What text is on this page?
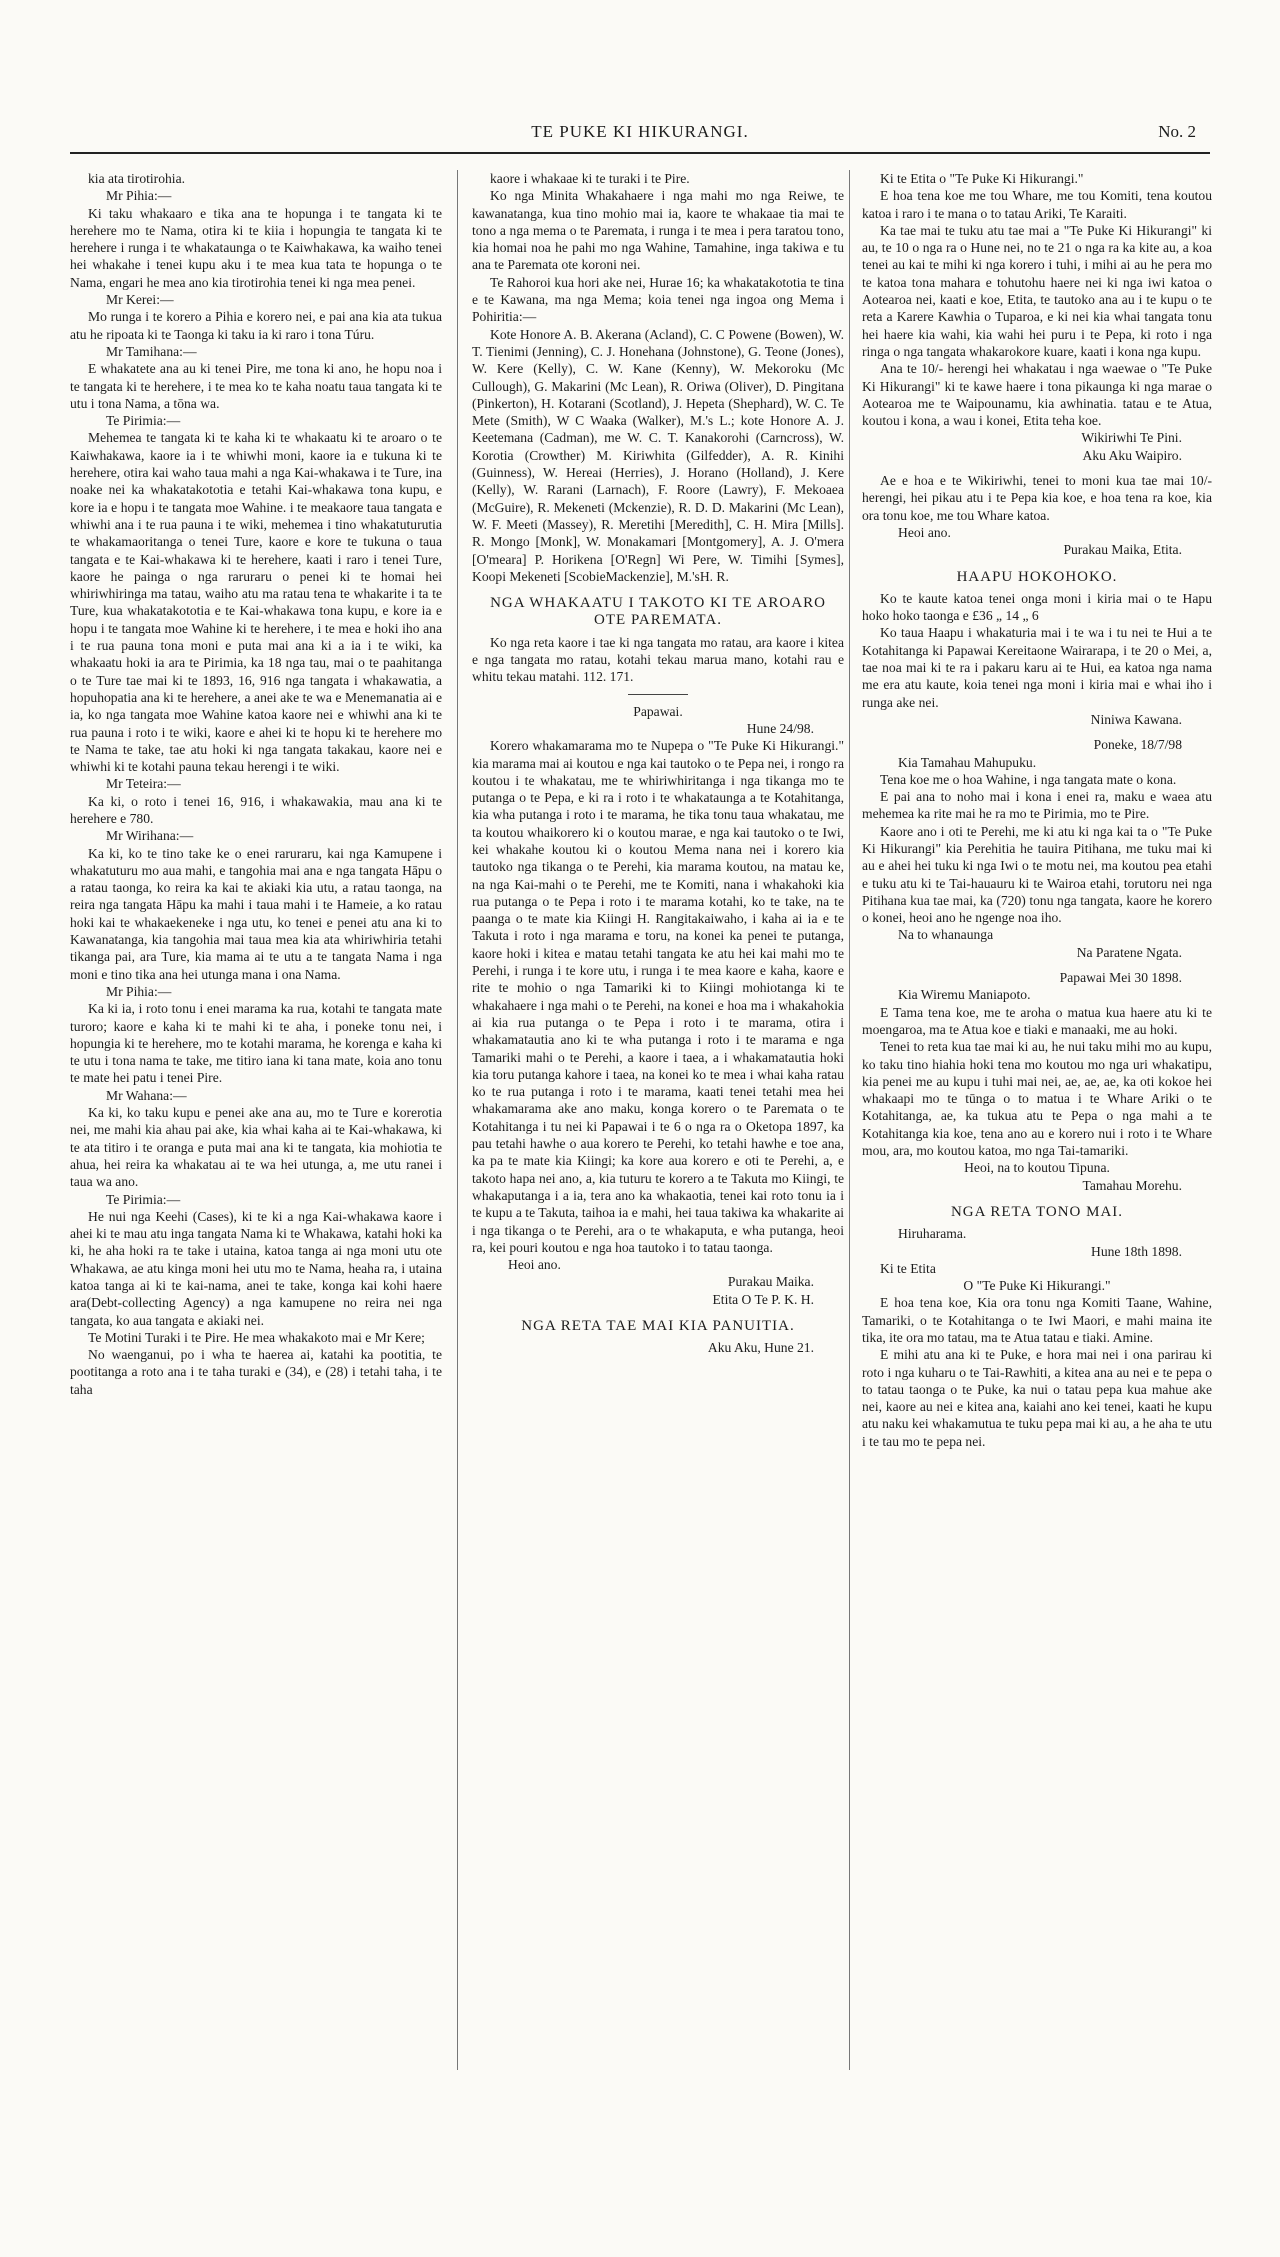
TE PUKE KI HIKURANGI.	No. 2

kia ata tirotirohia.

Mr Pihia:—

Ki taku whakaaro e tika ana te hopunga i te tangata ki te herehere mo te Nama, otira ki te kiia i hopungia te tangata ki te herehere i runga i te whakataunga o te Kaiwhakawa, ka waiho tenei hei whakahe i tenei kupu aku i te mea kua tata te hopunga o te Nama, engari he mea ano kia tirotirohia tenei ki nga mea penei.

Mr Kerei:—

Mo runga i te korero a Pihia e korero nei, e pai ana kia ata tukua atu he ripoata ki te Taonga ki taku ia ki raro i tona Túru.

Mr Tamihana:—

E whakatete ana au ki tenei Pire, me tona ki ano, he hopu noa i te tangata ki te herehere, i te mea ko te kaha noatu taua tangata ki te utu i tona Nama, a tōna wa.

Te Pirimia:—

Mehemea te tangata ki te kaha ki te whakaatu ki te aroaro o te Kaiwhakawa, kaore ia i te whiwhi moni, kaore ia e tukuna ki te herehere, otira kai waho taua mahi a nga Kai-whakawa i te Ture, ina noake nei ka whakatakototia e tetahi Kai-whakawa tona kupu, e kore ia e hopu i te tangata moe Wahine. i te meakaore taua tangata e whiwhi ana i te rua pauna i te wiki, mehemea i tino whakatuturutia te whakamaoritanga o tenei Ture, kaore e kore te tukuna o taua tangata e te Kai-whakawa ki te herehere, kaati i raro i tenei Ture, kaore he painga o nga raruraru o penei ki te homai hei whiriwhiringa ma tatau, waiho atu ma ratau tena te whakarite i ta te Ture, kua whakatakototia e te Kai-whakawa tona kupu, e kore ia e hopu i te tangata moe Wahine ki te herehere, i te mea e hoki iho ana i te rua pauna tona moni e puta mai ana ki a ia i te wiki, ka whakaatu hoki ia ara te Pirimia, ka 18 nga tau, mai o te paahitanga o te Ture tae mai ki te 1893, 16, 916 nga tangata i whakawatia, a hopuhopatia ana ki te herehere, a anei ake te wa e Menemanatia ai e ia, ko nga tangata moe Wahine katoa kaore nei e whiwhi ana ki te rua pauna i roto i te wiki, kaore e ahei ki te hopu ki te herehere mo te Nama te take, tae atu hoki ki nga tangata takakau, kaore nei e whiwhi ki te kotahi pauna tekau herengi i te wiki.

Mr Teteira:—

Ka ki, o roto i tenei 16, 916, i whakawakia, mau ana ki te herehere e 780.

Mr Wirihana:—

Ka ki, ko te tino take ke o enei raruraru, kai nga Kamupene i whakatuturu mo aua mahi, e tangohia mai ana e nga tangata Hāpu o a ratau taonga, ko reira ka kai te akiaki kia utu, a ratau taonga, na reira nga tangata Hāpu ka mahi i taua mahi i te Hameie, a ko ratau hoki kai te whakaekeneke i nga utu, ko tenei e penei atu ana ki to Kawanatanga, kia tangohia mai taua mea kia ata whiriwhiria tetahi tikanga pai, ara Ture, kia mama ai te utu a te tangata Nama i nga moni e tino tika ana hei utunga mana i ona Nama.

Mr Pihia:—

Ka ki ia, i roto tonu i enei marama ka rua, kotahi te tangata mate turoro; kaore e kaha ki te mahi ki te aha, i poneke tonu nei, i hopungia ki te herehere, mo te kotahi marama, he korenga e kaha ki te utu i tona nama te take, me titiro iana ki tana mate, koia ano tonu te mate hei patu i tenei Pire.

Mr Wahana:—

Ka ki, ko taku kupu e penei ake ana au, mo te Ture e korerotia nei, me mahi kia ahau pai ake, kia whai kaha ai te Kai-whakawa, ki te ata titiro i te oranga e puta mai ana ki te tangata, kia mohiotia te ahua, hei reira ka whakatau ai te wa hei utunga, a, me utu ranei i taua wa ano.

Te Pirimia:—

He nui nga Keehi (Cases), ki te ki a nga Kai-whakawa kaore i ahei ki te mau atu inga tangata Nama ki te Whakawa, katahi hoki ka ki, he aha hoki ra te take i utaina, katoa tanga ai nga moni utu ote Whakawa, ae atu kinga moni hei utu mo te Nama, heaha ra, i utaina katoa tanga ai ki te kai-nama, anei te take, konga kai kohi haere ara(Debt-collecting Agency) a nga kamupene no reira nei nga tangata, ko aua tangata e akiaki nei.

Te Motini Turaki i te Pire. He mea whakakoto mai e Mr Kere;

No waenganui, po i wha te haerea ai, katahi ka pootitia, te pootitanga a roto ana i te taha turaki e (34), e (28) i tetahi taha, i te taha

kaore i whakaae ki te turaki i te Pire.

Ko nga Minita Whakahaere i nga mahi mo nga Reiwe, te kawanatanga, kua tino mohio mai ia, kaore te whakaae tia mai te tono a nga mema o te Paremata, i runga i te mea i pera taratou tono, kia homai noa he pahi mo nga Wahine, Tamahine, inga takiwa e tu ana te Paremata ote koroni nei.

Te Rahoroi kua hori ake nei, Hurae 16; ka whakatakototia te tina e te Kawana, ma nga Mema; koia tenei nga ingoa ong Mema i Pohiritia:—

Kote Honore A. B. Akerana (Acland), C. C Powene (Bowen), W. T. Tienimi (Jenning), C. J. Honehana (Johnstone), G. Teone (Jones), W. Kere (Kelly), C. W. Kane (Kenny), W. Mekoroku (Mc Cullough), G. Makarini (Mc Lean), R. Oriwa (Oliver), D. Pingitana (Pinkerton), H. Kotarani (Scotland), J. Hepeta (Shephard), W. C. Te Mete (Smith), W C Waaka (Walker), M.'s L.; kote Honore A. J. Keetemana (Cadman), me W. C. T. Kanakorohi (Carncross), W. Korotia (Crowther) M. Kiriwhita (Gilfedder), A. R. Kinihi (Guinness), W. Hereai (Herries), J. Horano (Holland), J. Kere (Kelly), W. Rarani (Larnach), F. Roore (Lawry), F. Mekoaea (McGuire), R. Mekeneti (Mckenzie), R. D. D. Makarini (Mc Lean), W. F. Meeti (Massey), R. Meretihi [Meredith], C. H. Mira [Mills]. R. Mongo [Monk], W. Monakamari [Montgomery], A. J. O'mera [O'meara] P. Horikena [O'Regn] Wi Pere, W. Timihi [Symes], Koopi Mekeneti [ScobieMackenzie], M.'sH. R.

NGA WHAKAATU I TAKOTO KI TE AROARO OTE PAREMATA.

Ko nga reta kaore i tae ki nga tangata mo ratau, ara kaore i kitea e nga tangata mo ratau, kotahi tekau marua mano, kotahi rau e whitu tekau matahi. 112. 171.

Papawai.

Hune 24/98.

Korero whakamarama mo te Nupepa o "Te Puke Ki Hikurangi." kia marama mai ai koutou e nga kai tautoko o te Pepa nei, i rongo ra koutou i te whakatau, me te whiriwhiritanga i nga tikanga mo te putanga o te Pepa, e ki ra i roto i te whakataunga a te Kotahitanga, kia wha putanga i roto i te marama, he tika tonu taua whakatau, me ta koutou whaikorero ki o koutou marae, e nga kai tautoko o te Iwi, kei whakahe koutou ki o koutou Mema nana nei i korero kia tautoko nga tikanga o te Perehi, kia marama koutou, na matau ke, na nga Kai-mahi o te Perehi, me te Komiti, nana i whakahoki kia rua putanga o te Pepa i roto i te marama kotahi, ko te take, na te paanga o te mate kia Kiingi H. Rangitakaiwaho, i kaha ai ia e te Takuta i roto i nga marama e toru, na konei ka penei te putanga, kaore hoki i kitea e matau tetahi tangata ke atu hei kai mahi mo te Perehi, i runga i te kore utu, i runga i te mea kaore e kaha, kaore e rite te mohio o nga Tamariki ki to Kiingi mohiotanga ki te whakahaere i nga mahi o te Perehi, na konei e hoa ma i whakahokia ai kia rua putanga o te Pepa i roto i te marama, otira i whakamatautia ano ki te wha putanga i roto i te marama e nga Tamariki mahi o te Perehi, a kaore i taea, a i whakamatautia hoki kia toru putanga kahore i taea, na konei ko te mea i whai kaha ratau ko te rua putanga i roto i te marama, kaati tenei tetahi mea hei whakamarama ake ano maku, konga korero o te Paremata o te Kotahitanga i tu nei ki Papawai i te 6 o nga ra o Oketopa 1897, ka pau tetahi hawhe o aua korero te Perehi, ko tetahi hawhe e toe ana, ka pa te mate kia Kiingi; ka kore aua korero e oti te Perehi, a, e takoto hapa nei ano, a, kia tuturu te korero a te Takuta mo Kiingi, te whakaputanga i a ia, tera ano ka whakaotia, tenei kai roto tonu ia i te kupu a te Takuta, taihoa ia e mahi, hei taua takiwa ka whakarite ai i nga tikanga o te Perehi, ara o te whakaputa, e wha putanga, heoi ra, kei pouri koutou e nga hoa tautoko i to tatau taonga.

Heoi ano.

Purakau Maika.

Etita O Te P. K. H.

NGA RETA TAE MAI KIA PANUITIA.

Aku Aku, Hune 21.

Ki te Etita o "Te Puke Ki Hikurangi."

E hoa tena koe me tou Whare, me tou Komiti, tena koutou katoa i raro i te mana o to tatau Ariki, Te Karaiti.

Ka tae mai te tuku atu tae mai a "Te Puke Ki Hikurangi" ki au, te 10 o nga ra o Hune nei, no te 21 o nga ra ka kite au, a koa tenei au kai te mihi ki nga korero i tuhi, i mihi ai au he pera mo te katoa tona mahara e tohutohu haere nei ki nga iwi katoa o Aotearoa nei, kaati e koe, Etita, te tautoko ana au i te kupu o te reta a Karere Kawhia o Tuparoa, e ki nei kia whai tangata tonu hei haere kia wahi, kia wahi hei puru i te Pepa, ki roto i nga ringa o nga tangata whakarokore kuare, kaati i kona nga kupu.

Ana te 10/- herengi hei whakatau i nga waewae o "Te Puke Ki Hikurangi" ki te kawe haere i tona pikaunga ki nga marae o Aotearoa me te Waipounamu, kia awhinatia. tatau e te Atua, koutou i kona, a wau i konei, Etita teha koe.

Wikiriwhi Te Pini.

Aku Aku Waipiro.

Ae e hoa e te Wikiriwhi, tenei to moni kua tae mai 10/- herengi, hei pikau atu i te Pepa kia koe, e hoa tena ra koe, kia ora tonu koe, me tou Whare katoa.

Heoi ano.

Purakau Maika, Etita.

HAAPU HOKOHOKO.

Ko te kaute katoa tenei onga moni i kiria mai o te Hapu hoko hoko taonga e £36 „ 14 „ 6

Ko taua Haapu i whakaturia mai i te wa i tu nei te Hui a te Kotahitanga ki Papawai Kereitaone Wairarapa, i te 20 o Mei, a, tae noa mai ki te ra i pakaru karu ai te Hui, ea katoa nga nama me era atu kaute, koia tenei nga moni i kiria mai e whai iho i runga ake nei.

Niniwa Kawana.

Poneke, 18/7/98

Kia Tamahau Mahupuku.

Tena koe me o hoa Wahine, i nga tangata mate o kona.

E pai ana to noho mai i kona i enei ra, maku e waea atu mehemea ka rite mai he ra mo te Pirimia, mo te Pire.

Kaore ano i oti te Perehi, me ki atu ki nga kai ta o "Te Puke Ki Hikurangi" kia Perehitia he tauira Pitihana, me tuku mai ki au e ahei hei tuku ki nga Iwi o te motu nei, ma koutou pea etahi e tuku atu ki te Tai-hauauru ki te Wairoa etahi, torutoru nei nga Pitihana kua tae mai, ka (720) tonu nga tangata, kaore he korero o konei, heoi ano he ngenge noa iho.

Na to whanaunga

Na Paratene Ngata.

Papawai Mei 30 1898.

Kia Wiremu Maniapoto.

E Tama tena koe, me te aroha o matua kua haere atu ki te moengaroa, ma te Atua koe e tiaki e manaaki, me au hoki.

Tenei to reta kua tae mai ki au, he nui taku mihi mo au kupu, ko taku tino hiahia hoki tena mo koutou mo nga uri whakatipu, kia penei me au kupu i tuhi mai nei, ae, ae, ae, ka oti kokoe hei whakaapi mo te tūnga o to matua i te Whare Ariki o te Kotahitanga, ae, ka tukua atu te Pepa o nga mahi a te Kotahitanga kia koe, tena ano au e korero nui i roto i te Whare mou, ara, mo koutou katoa, mo nga Tai-tamariki.

Heoi, na to koutou Tipuna.

Tamahau Morehu.

NGA RETA TONO MAI.

Hiruharama.

Hune 18th 1898.

Ki te Etita

O "Te Puke Ki Hikurangi."

E hoa tena koe, Kia ora tonu nga Komiti Taane, Wahine, Tamariki, o te Kotahitanga o te Iwi Maori, e mahi maina ite tika, ite ora mo tatau, ma te Atua tatau e tiaki. Amine.

E mihi atu ana ki te Puke, e hora mai nei i ona parirau ki roto i nga kuharu o te Tai-Rawhiti, a kitea ana au nei e te pepa o to tatau taonga o te Puke, ka nui o tatau pepa kua mahue ake nei, kaore au nei e kitea ana, kaiahi ano kei tenei, kaati he kupu atu naku kei whakamutua te tuku pepa mai ki au, a he aha te utu i te tau mo te pepa nei.
